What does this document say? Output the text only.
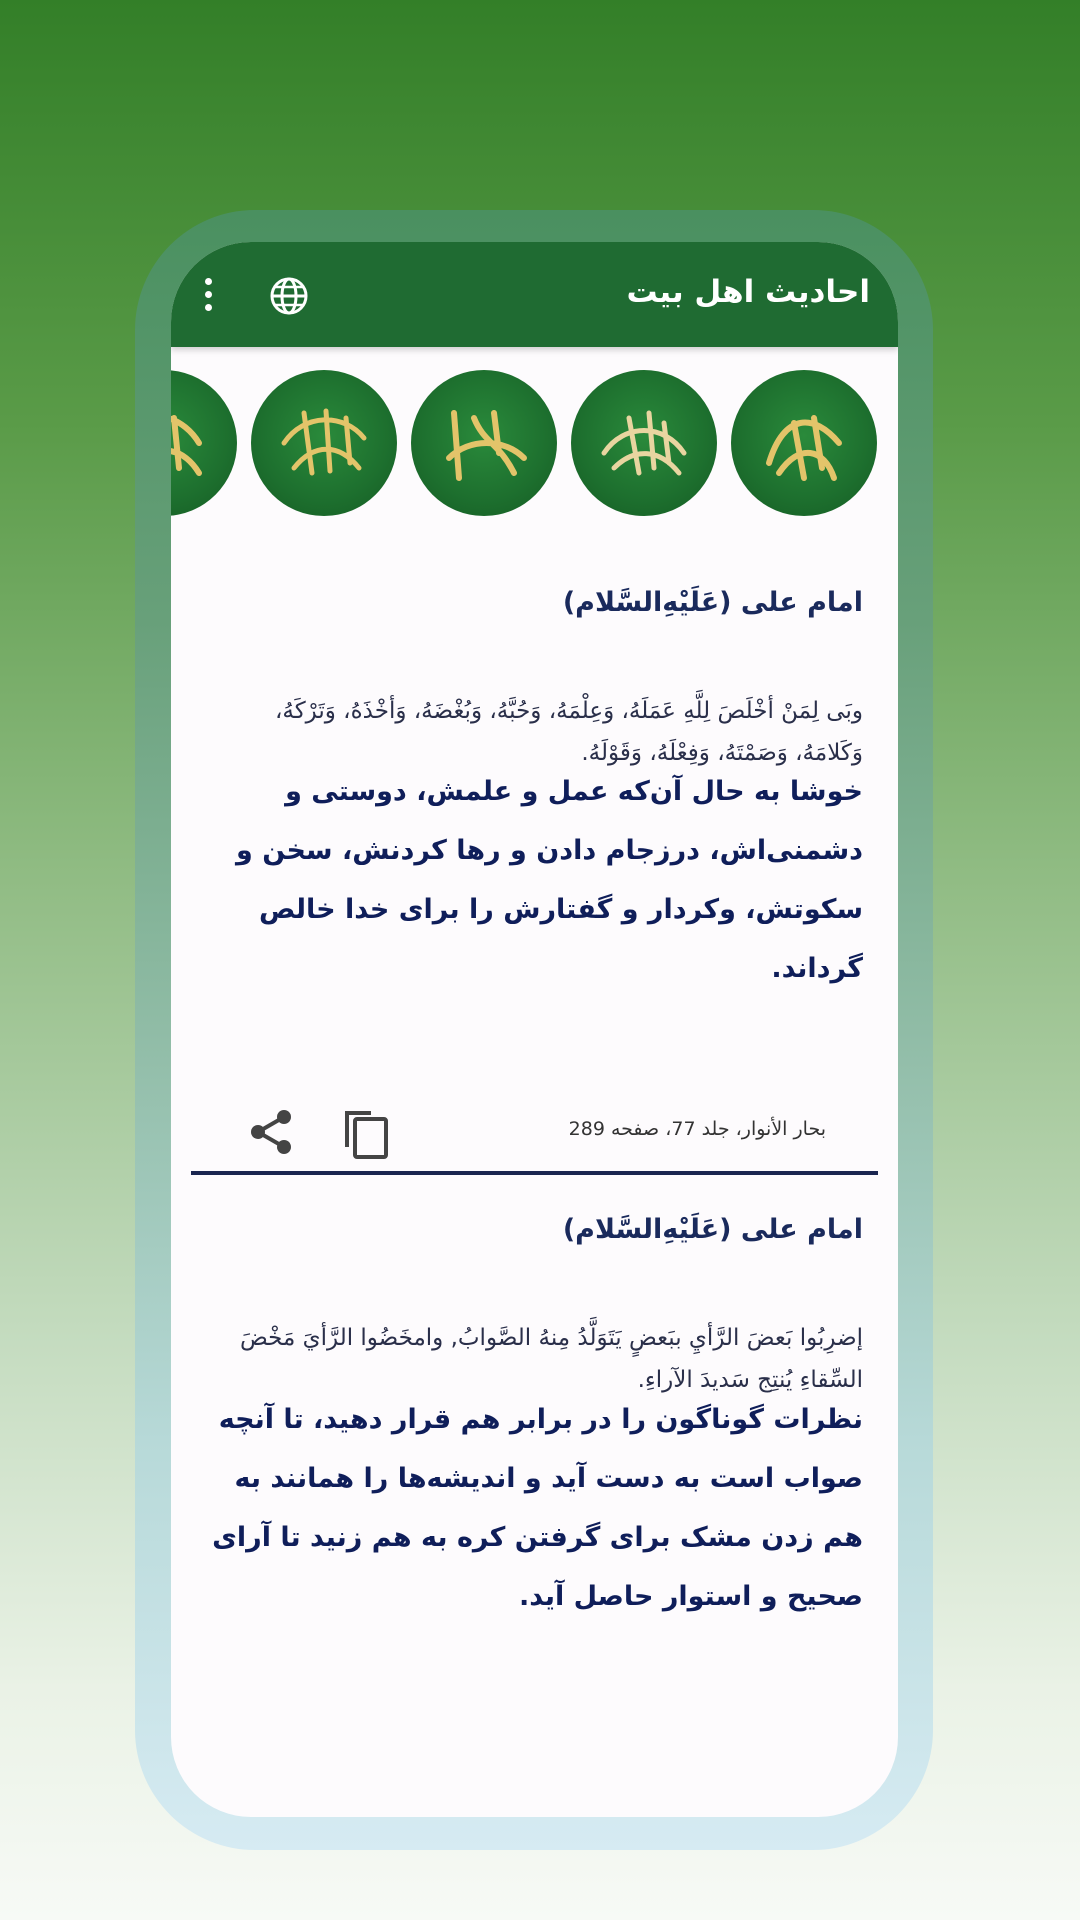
احادیث اهل بیت
امام علی (عَلَيْهِ‌السَّلام)
وبَى لِمَنْ أخْلَصَ لِلَّهِ عَمَلَهُ، وَعِلْمَهُ، وَحُبَّهُ، وَبُغْضَهُ، وَأخْذَهُ، وَتَرْكَهُ، وَكَلامَهُ، وَصَمْتَهُ، وَفِعْلَهُ، وَقَوْلَهُ.
خوشا به حال آن‌که عمل و علمش، دوستی و دشمنی‌اش، درزجام دادن و رها کردنش، سخن و سکوتش، وکردار و گفتارش را برای خدا خالص گرداند.
بحار الأنوار، جلد 77، صفحه 289
امام علی (عَلَيْهِ‌السَّلام)
إضرِبُوا بَعضَ الرَّأيِ ببَعضٍ يَتَوَلَّدُ مِنهُ الصَّوابُ, وامخَضُوا الرَّأيَ مَخْضَ السِّقاءِ يُنتِج سَديدَ الآراءِ.
نظرات گوناگون را در برابر هم قرار دهید، تا آنچه صواب است به دست آید و اندیشه‌ها را همانند به هم زدن مشک برای گرفتن کره به هم زنید تا آرای صحیح و استوار حاصل آید.
